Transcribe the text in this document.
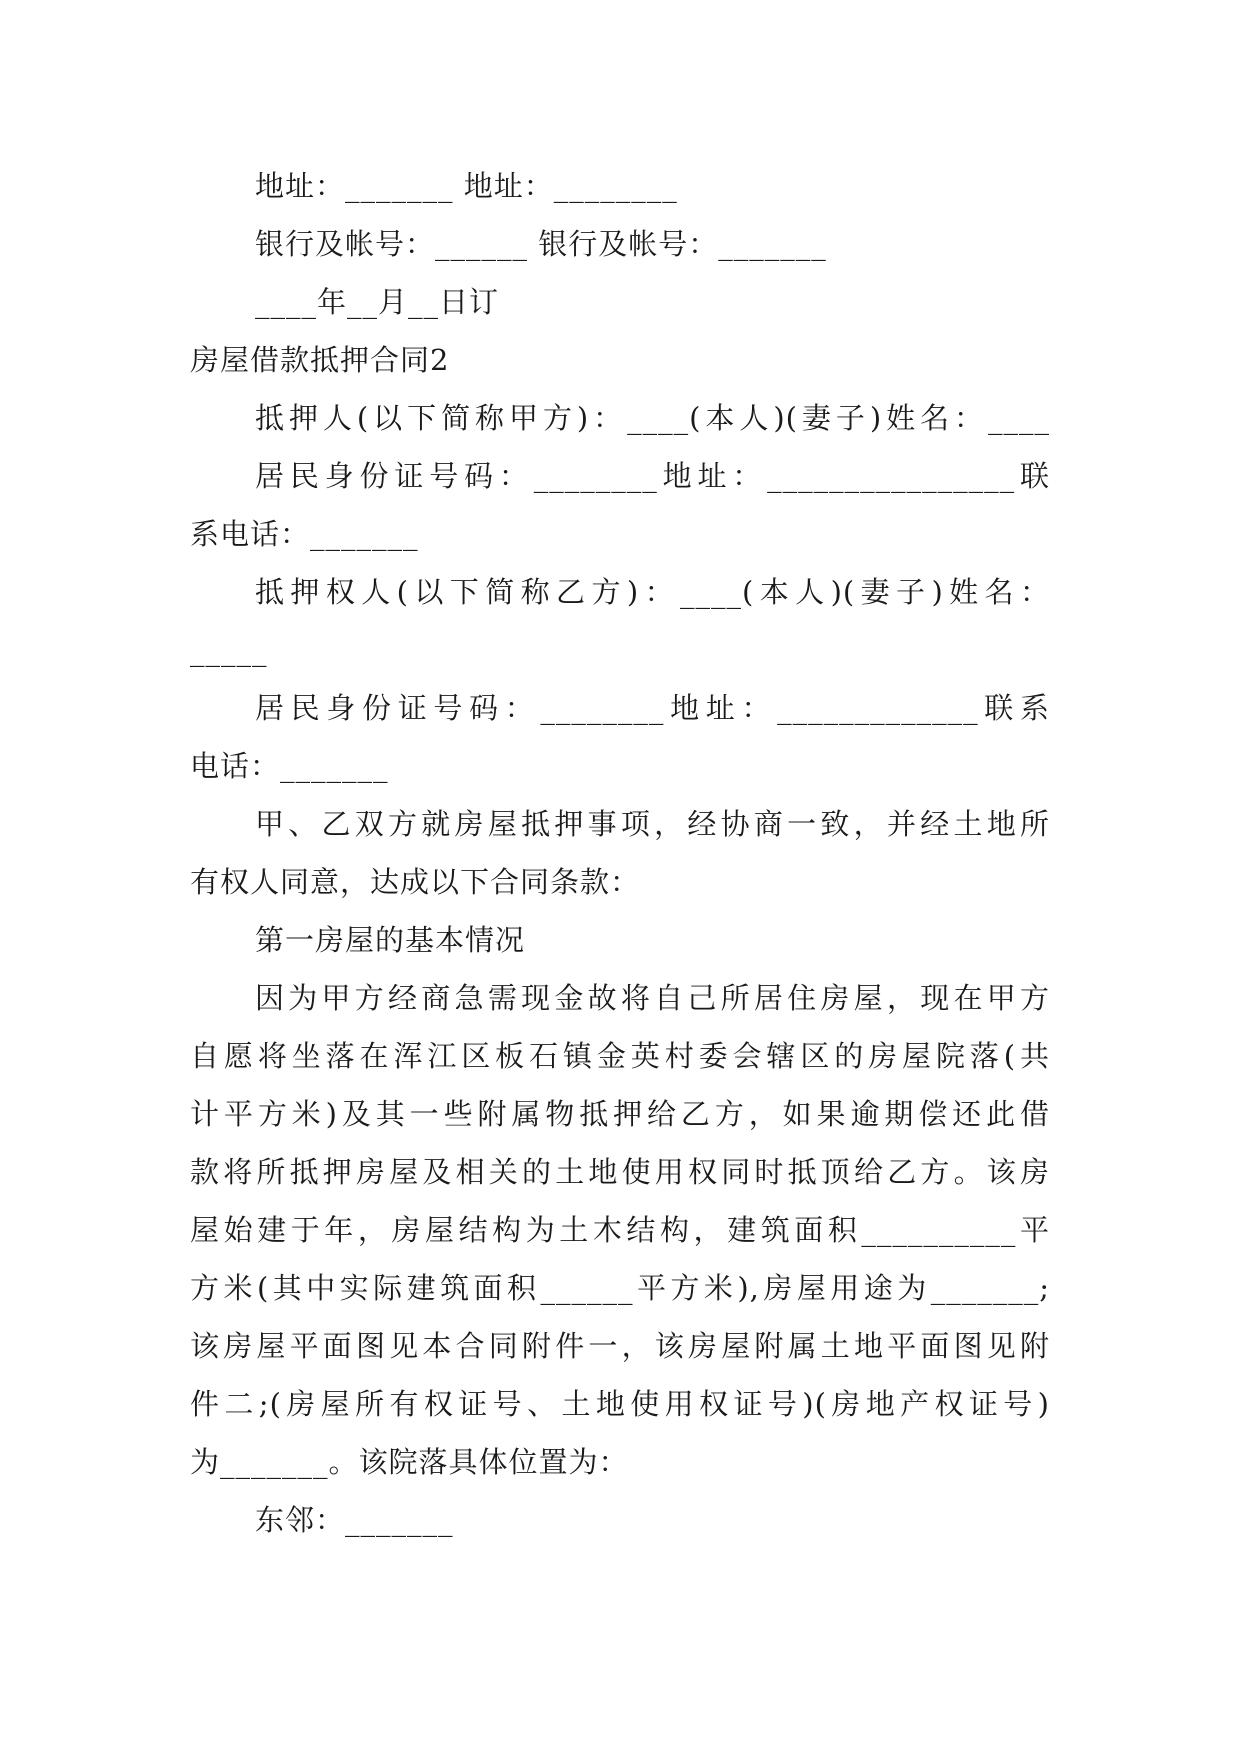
地址：_______ 地址：________

银行及帐号：______ 银行及帐号：_______

____年__月__日订

房屋借款抵押合同2

抵押人(以下简称甲方)：____(本人)(妻子)姓名：____

居民身份证号码：________地址：________________联

系电话：_______

抵押权人(以下简称乙方)：____(本人)(妻子)姓名：

_____

居民身份证号码：________地址：_____________联系

电话：_______

甲、乙双方就房屋抵押事项，经协商一致，并经土地所

有权人同意，达成以下合同条款：

第一房屋的基本情况

因为甲方经商急需现金故将自己所居住房屋，现在甲方

自愿将坐落在浑江区板石镇金英村委会辖区的房屋院落(共

计平方米)及其一些附属物抵押给乙方，如果逾期偿还此借

款将所抵押房屋及相关的土地使用权同时抵顶给乙方。该房

屋始建于年，房屋结构为土木结构，建筑面积__________平

方米(其中实际建筑面积______平方米),房屋用途为_______;

该房屋平面图见本合同附件一，该房屋附属土地平面图见附

件二;(房屋所有权证号、土地使用权证号)(房地产权证号)

为_______。该院落具体位置为：

东邻：_______
